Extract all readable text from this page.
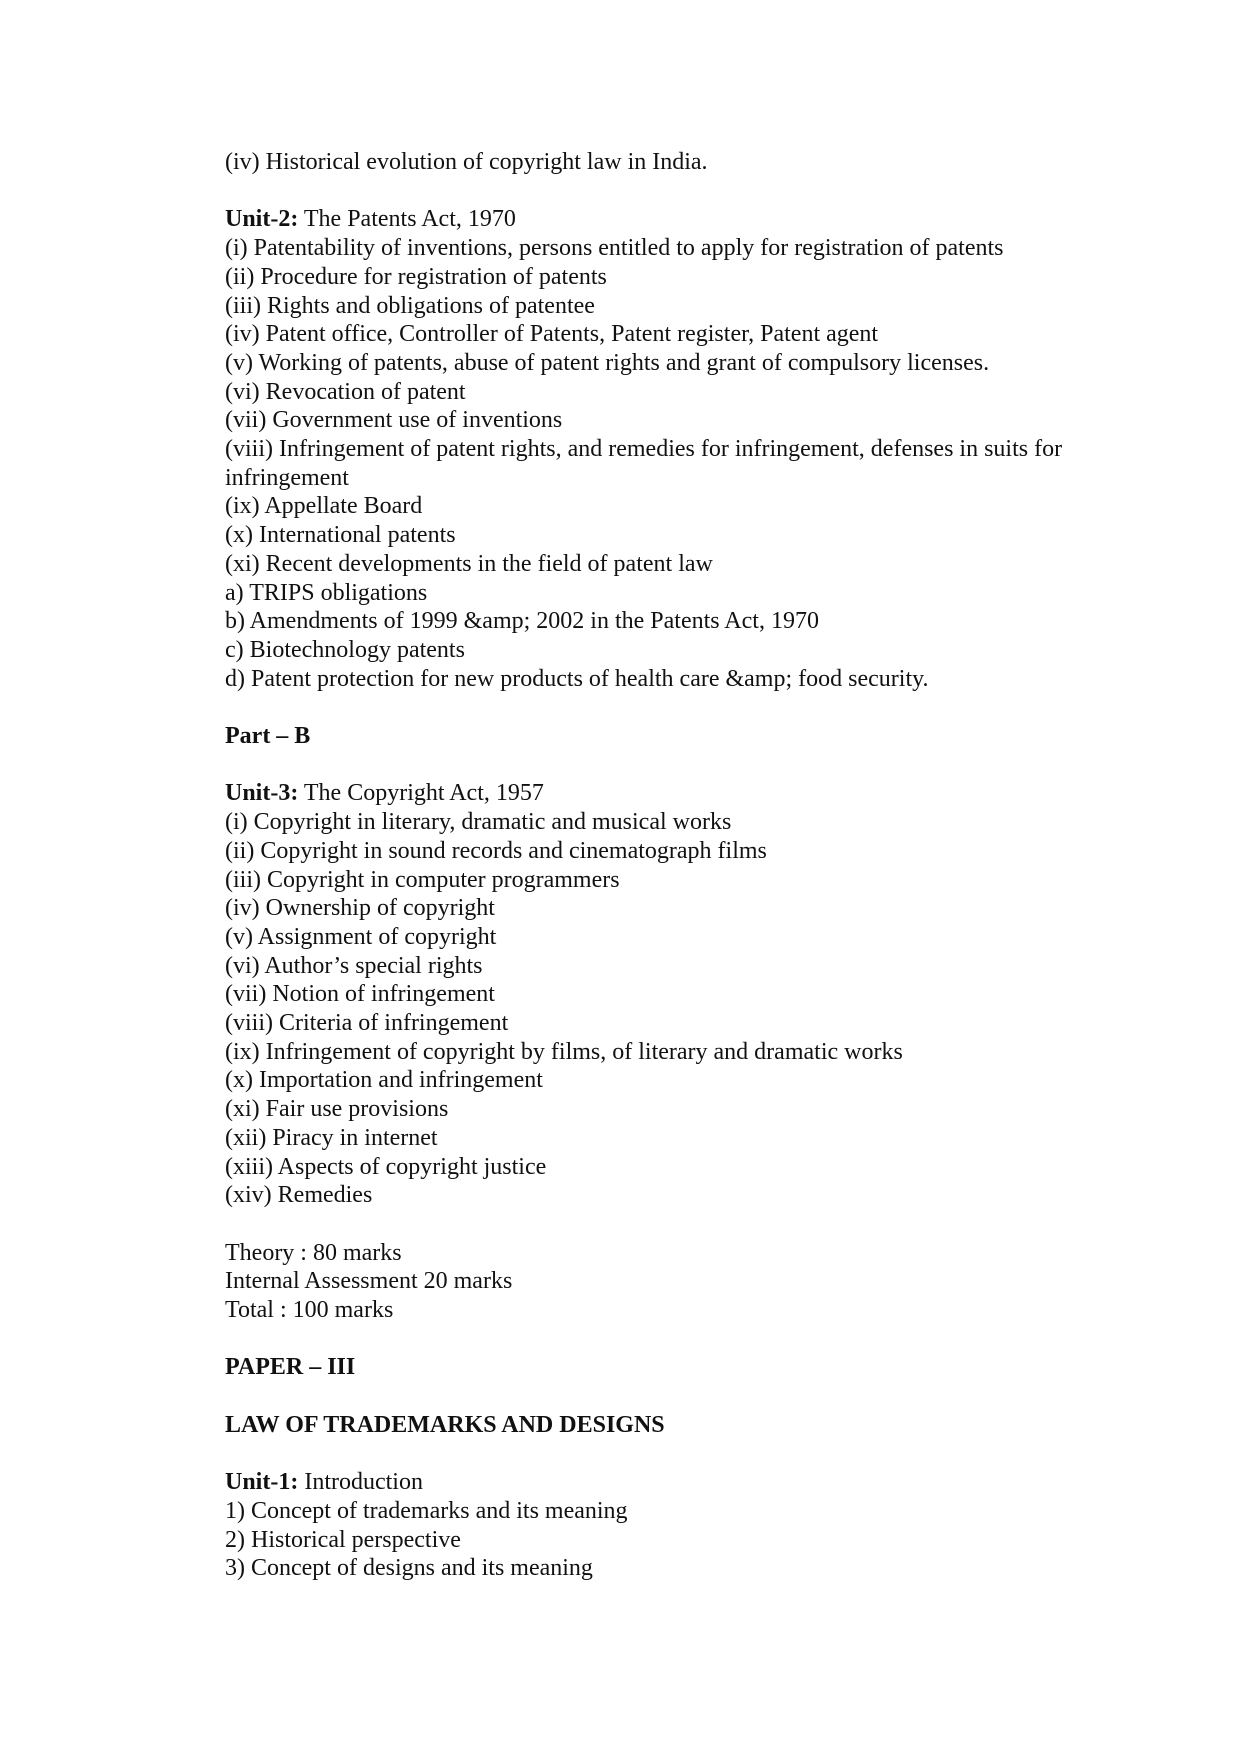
(iv) Historical evolution of copyright law in India.

Unit-2: The Patents Act, 1970

(i) Patentability of inventions, persons entitled to apply for registration of patents

(ii) Procedure for registration of patents

(iii) Rights and obligations of patentee

(iv) Patent office, Controller of Patents, Patent register, Patent agent

(v) Working of patents, abuse of patent rights and grant of compulsory licenses.

(vi) Revocation of patent

(vii) Government use of inventions

(viii) Infringement of patent rights, and remedies for infringement, defenses in suits for infringement

(ix) Appellate Board

(x) International patents

(xi) Recent developments in the field of patent law

a) TRIPS obligations

b) Amendments of 1999 &amp; 2002 in the Patents Act, 1970

c) Biotechnology patents

d) Patent protection for new products of health care &amp; food security.

Part – B

Unit-3: The Copyright Act, 1957

(i) Copyright in literary, dramatic and musical works

(ii) Copyright in sound records and cinematograph films

(iii) Copyright in computer programmers

(iv) Ownership of copyright

(v) Assignment of copyright

(vi) Author’s special rights

(vii) Notion of infringement

(viii) Criteria of infringement

(ix) Infringement of copyright by films, of literary and dramatic works

(x) Importation and infringement

(xi) Fair use provisions

(xii) Piracy in internet

(xiii) Aspects of copyright justice

(xiv) Remedies

Theory : 80 marks

Internal Assessment 20 marks

Total : 100 marks

PAPER – III

LAW OF TRADEMARKS AND DESIGNS

Unit-1: Introduction

1) Concept of trademarks and its meaning

2) Historical perspective

3) Concept of designs and its meaning
